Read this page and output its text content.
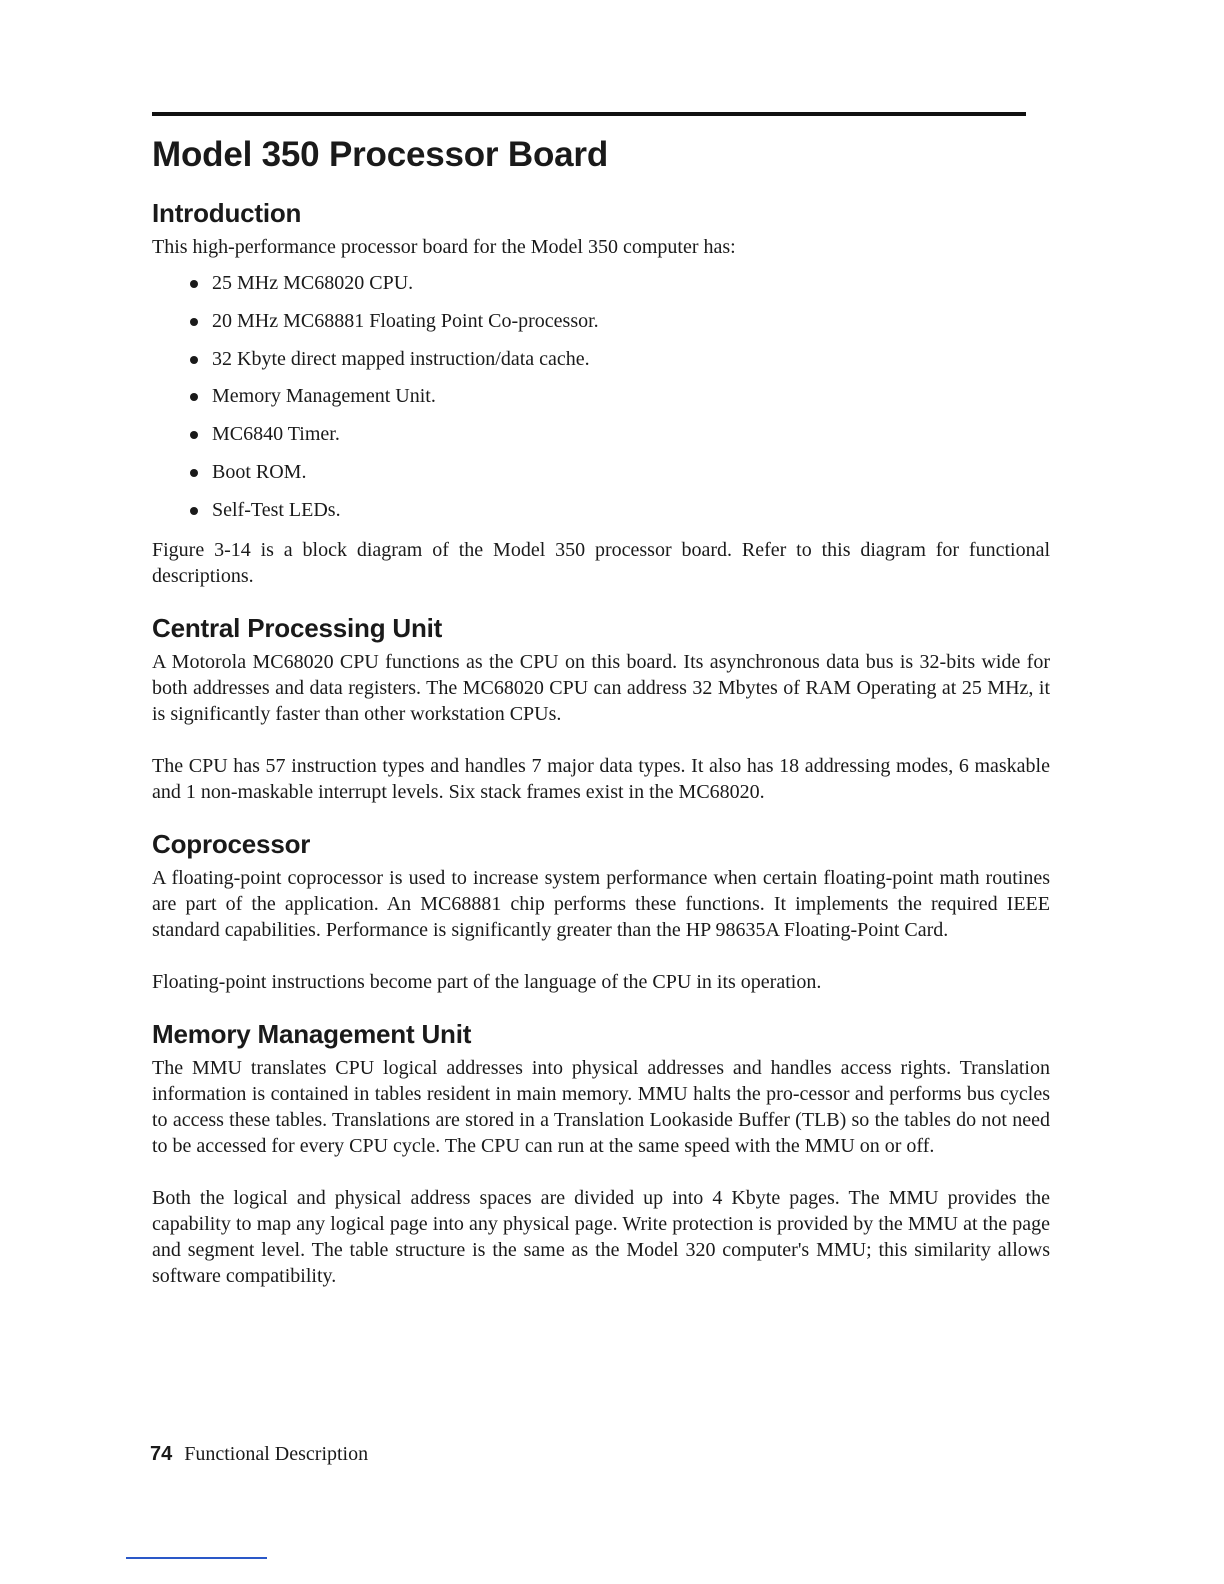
Model 350 Processor Board
Introduction

This high-performance processor board for the Model 350 computer has:

25 MHz MC68020 CPU.
20 MHz MC68881 Floating Point Co-processor.
32 Kbyte direct mapped instruction/data cache.
Memory Management Unit.
MC6840 Timer.
Boot ROM.
Self-Test LEDs.

Figure 3-14 is a block diagram of the Model 350 processor board. Refer to this diagram for functional descriptions.

Central Processing Unit

A Motorola MC68020 CPU functions as the CPU on this board. Its asynchronous data bus is 32-bits wide for both addresses and data registers. The MC68020 CPU can address 32 Mbytes of RAM Operating at 25 MHz, it is significantly faster than other workstation CPUs.

The CPU has 57 instruction types and handles 7 major data types. It also has 18 addressing modes, 6 maskable and 1 non-maskable interrupt levels. Six stack frames exist in the MC68020.

Coprocessor

A floating-point coprocessor is used to increase system performance when certain floating-point math routines are part of the application. An MC68881 chip performs these functions. It implements the required IEEE standard capabilities. Performance is significantly greater than the HP 98635A Floating-Point Card.

Floating-point instructions become part of the language of the CPU in its operation.

Memory Management Unit

The MMU translates CPU logical addresses into physical addresses and handles access rights. Translation information is contained in tables resident in main memory. MMU halts the pro-cessor and performs bus cycles to access these tables. Translations are stored in a Translation Lookaside Buffer (TLB) so the tables do not need to be accessed for every CPU cycle. The CPU can run at the same speed with the MMU on or off.

Both the logical and physical address spaces are divided up into 4 Kbyte pages. The MMU provides the capability to map any logical page into any physical page. Write protection is provided by the MMU at the page and segment level. The table structure is the same as the Model 320 computer's MMU; this similarity allows software compatibility.

74 Functional Description
